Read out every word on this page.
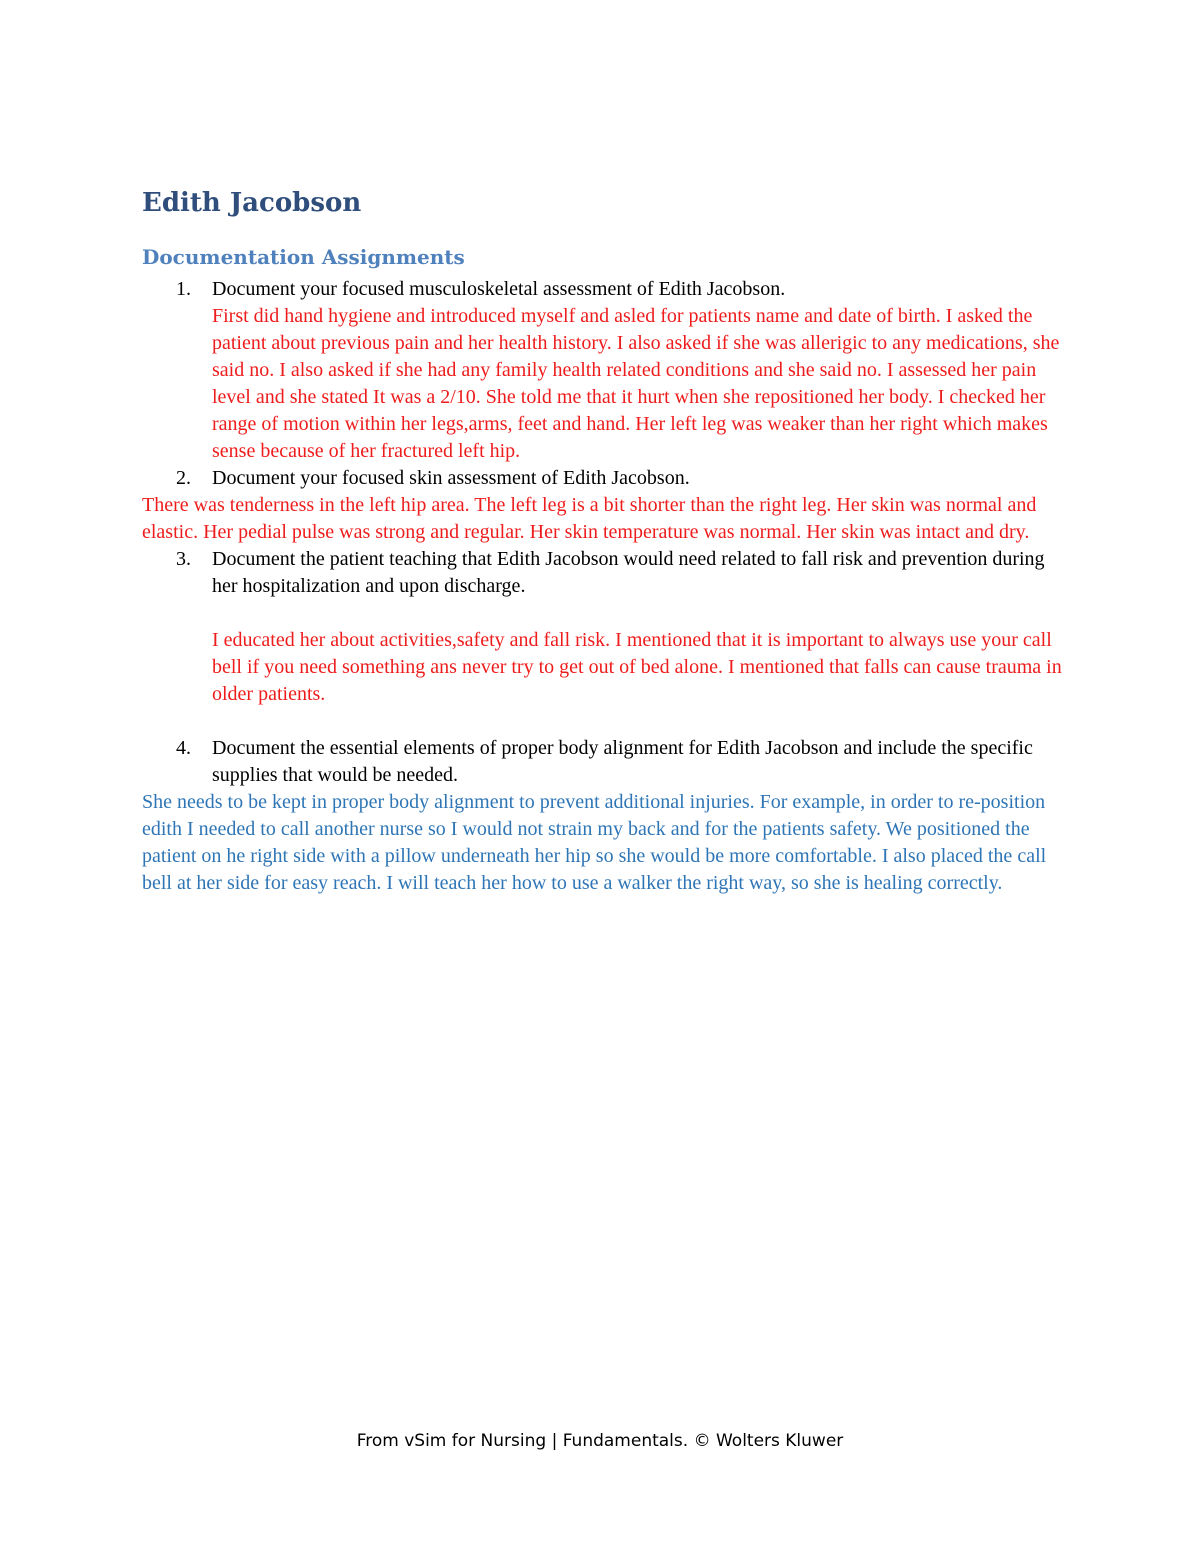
Edith Jacobson
Documentation Assignments
1. Document your focused musculoskeletal assessment of Edith Jacobson.
First did hand hygiene and introduced myself and asled for patients name and date of birth. I asked the patient about previous pain and her health history. I also asked if she was allerigic to any medications, she said no. I also asked if she had any family health related conditions and she said no. I assessed her pain level and she stated It was a 2/10. She told me that it hurt when she repositioned her body. I checked her range of motion within her legs,arms, feet and hand. Her left leg was weaker than her right which makes sense because of her fractured left hip.
2. Document your focused skin assessment of Edith Jacobson.
There was tenderness in the left hip area. The left leg is a bit shorter than the right leg. Her skin was normal and elastic. Her pedial pulse was strong and regular. Her skin temperature was normal. Her skin was intact and dry.
3. Document the patient teaching that Edith Jacobson would need related to fall risk and prevention during her hospitalization and upon discharge.
I educated her about activities,safety and fall risk. I mentioned that it is important to always use your call bell if you need something ans never try to get out of bed alone. I mentioned that falls can cause trauma in older patients.
4. Document the essential elements of proper body alignment for Edith Jacobson and include the specific supplies that would be needed.
She needs to be kept in proper body alignment to prevent additional injuries. For example, in order to re-position edith I needed to call another nurse so I would not strain my back and for the patients safety. We positioned the patient on he right side with a pillow underneath her hip so she would be more comfortable. I also placed the call bell at her side for easy reach. I will teach her how to use a walker the right way, so she is healing correctly.
From vSim for Nursing | Fundamentals. © Wolters Kluwer
